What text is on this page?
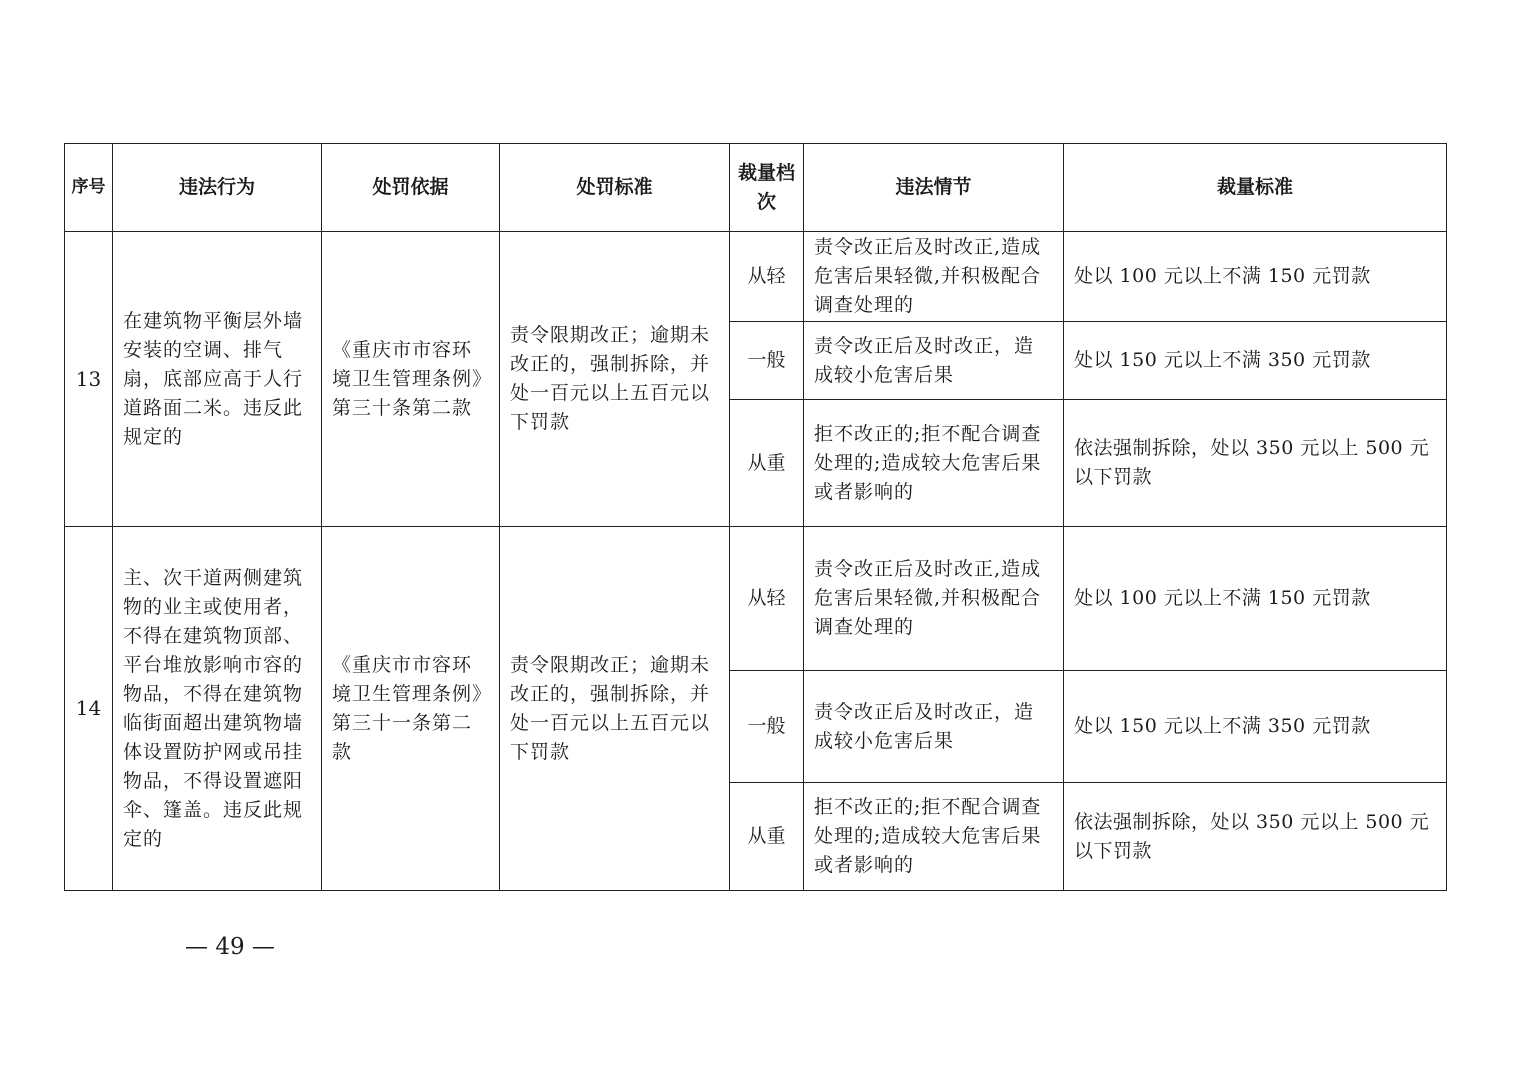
序号	违法行为	处罚依据	处罚标准	裁量档次	违法情节	裁量标准
13	在建筑物平衡层外墙安装的空调、排气扇，底部应高于人行道路面二米。违反此规定的	《重庆市市容环境卫生管理条例》第三十条第二款	责令限期改正；逾期未改正的，强制拆除，并处一百元以上五百元以下罚款	从轻	责令改正后及时改正,造成危害后果轻微,并积极配合调查处理的	处以 100 元以上不满 150 元罚款
				一般	责令改正后及时改正，造成较小危害后果	处以 150 元以上不满 350 元罚款
				从重	拒不改正的;拒不配合调查处理的;造成较大危害后果或者影响的	依法强制拆除，处以 350 元以上 500 元以下罚款
14	主、次干道两侧建筑物的业主或使用者，不得在建筑物顶部、平台堆放影响市容的物品，不得在建筑物临街面超出建筑物墙体设置防护网或吊挂物品，不得设置遮阳伞、篷盖。违反此规定的	《重庆市市容环境卫生管理条例》第三十一条第二款	责令限期改正；逾期未改正的，强制拆除，并处一百元以上五百元以下罚款	从轻	责令改正后及时改正,造成危害后果轻微,并积极配合调查处理的	处以 100 元以上不满 150 元罚款
				一般	责令改正后及时改正，造成较小危害后果	处以 150 元以上不满 350 元罚款
				从重	拒不改正的;拒不配合调查处理的;造成较大危害后果或者影响的	依法强制拆除，处以 350 元以上 500 元以下罚款
— 49 —
